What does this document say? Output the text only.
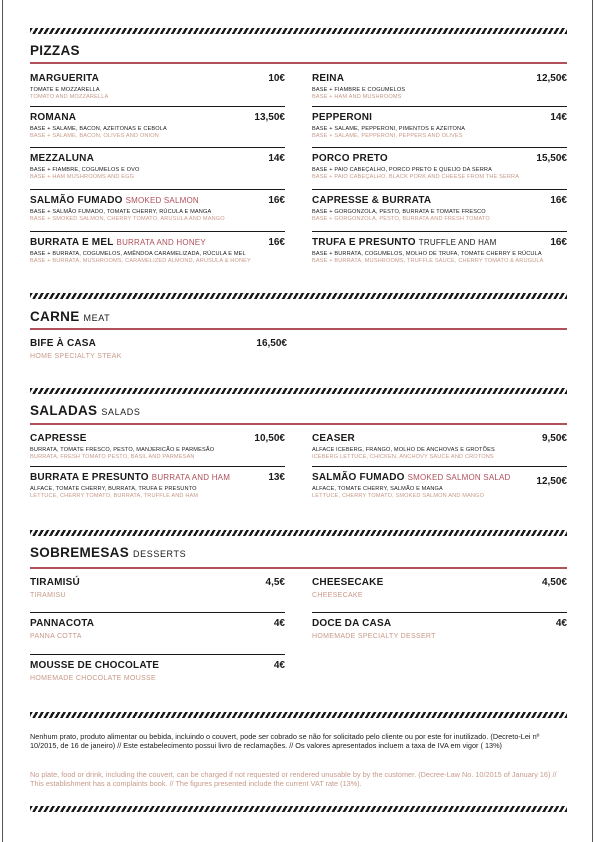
PIZZAS
MARGUERITA	10€
TOMATE E MOZZARELLA
TOMATO AND MOZZARELLA
ROMANA	13,50€
BASE + SALAME, BACON, AZEITONAS E CEBOLA
BASE + SALAME, BACON, OLIVES AND ONION
MEZZALUNA	14€
BASE + FIAMBRE, COGUMELOS E OVO
BASE + HAM MUSHROOMS AND EGG
SALMÃO FUMADO SMOKED SALMON	16€
BASE + SALMÃO FUMADO, TOMATE CHERRY, RÚCULA E MANGA
BASE + SMOKED SALMON, CHERRY TOMATO, ARUSULA AND MANGO
BURRATA E MEL BURRATA AND HONEY	16€
BASE + BURRATA, COGUMELOS, AMÊNDOA CARAMELIZADA, RÚCULA E MEL
BASE + BURRATA, MUSHROOMS, CARAMELIZED ALMOND, ARUSULA & HONEY
REINA	12,50€
BASE + FIAMBRE E COGUMELOS
BASE + HAM AND MUSHROOMS
PEPPERONI	14€
BASE + SALAME, PEPPERONI, PIMENTOS E AZEITONA
BASE + SALAME, PEPPERONI, PEPPERS AND OLIVES
PORCO PRETO	15,50€
BASE + PAIO CABEÇALHO, PORCO PRETO E QUEIJO DA SERRA
BASE + PAIO CABEÇALHO, BLACK PORK AND CHEESE FROM THE SERRA
CAPRESSE & BURRATA	16€
BASE + GORGONZOLA, PESTO, BURRATA E TOMATE FRESCO
BASE + GORGONZOLA, PESTO, BURRATA AND FRESH TOMATO
TRUFA E PRESUNTO TRUFFLE AND HAM	16€
BASE + BURRATA, COGUMELOS, MOLHO DE TRUFA, TOMATE CHERRY E RÚCULA
BASE + BURRATA, MUSHROOMS, TRUFFLE SAUCE, CHERRY TOMATO & ARUGULA
CARNE MEAT
BIFE À CASA	16,50€
HOME SPECIALTY STEAK
SALADAS SALADS
CAPRESSE	10,50€
BURRATA, TOMATE FRESCO, PESTO, MANJERICÃO E PARMESÃO
BURRATA, FRESH TOMATO PESTO, BASIL AND PARMESAN
BURRATA E PRESUNTO BURRATA AND HAM	13€
ALFACE, TOMATE CHERRY, BURRATA, TRUFA E PRESUNTO
LETTUCE, CHERRY TOMATO, BURRATA, TRUFFLE AND HAM
CEASER	9,50€
ALFACE ICEBERG, FRANGO, MOLHO DE ANCHOVAS E GROTÕES
ICEBERG LETTUCE, CHICKEN, ANCHOVY SAUCE AND CROTONS
SALMÃO FUMADO SMOKED SALMON SALAD	12,50€
ALFACE, TOMATE CHERRY, SALMÃO E MANGA
LETTUCE, CHERRY TOMATO, SMOKED SALMON AND MANGO
SOBREMESAS DESSERTS
TIRAMISÚ	4,5€
TIRAMISU
PANNACOTA	4€
PANNA COTTA
MOUSSE DE CHOCOLATE	4€
HOMEMADE CHOCOLATE MOUSSE
CHEESECAKE	4,50€
CHEESECAKE
DOCE DA CASA	4€
HOMEMADE SPECIALTY DESSERT
Nenhum prato, produto alimentar ou bebida, incluindo o couvert, pode ser cobrado se não for solicitado pelo cliente ou por este for inutilizado. (Decreto-Lei nº 10/2015, de 16 de janeiro) // Este estabelecimento possui livro de reclamações. // Os valores apresentados incluem a taxa de IVA em vigor ( 13%)
No plate, food or drink, including the couvert, can be charged if not requested or rendered unusable by by the customer. (Decree-Law No. 10/2015 of January 16) // This establishment has a complaints book. // The figures presented include the current VAT rate (13%).
